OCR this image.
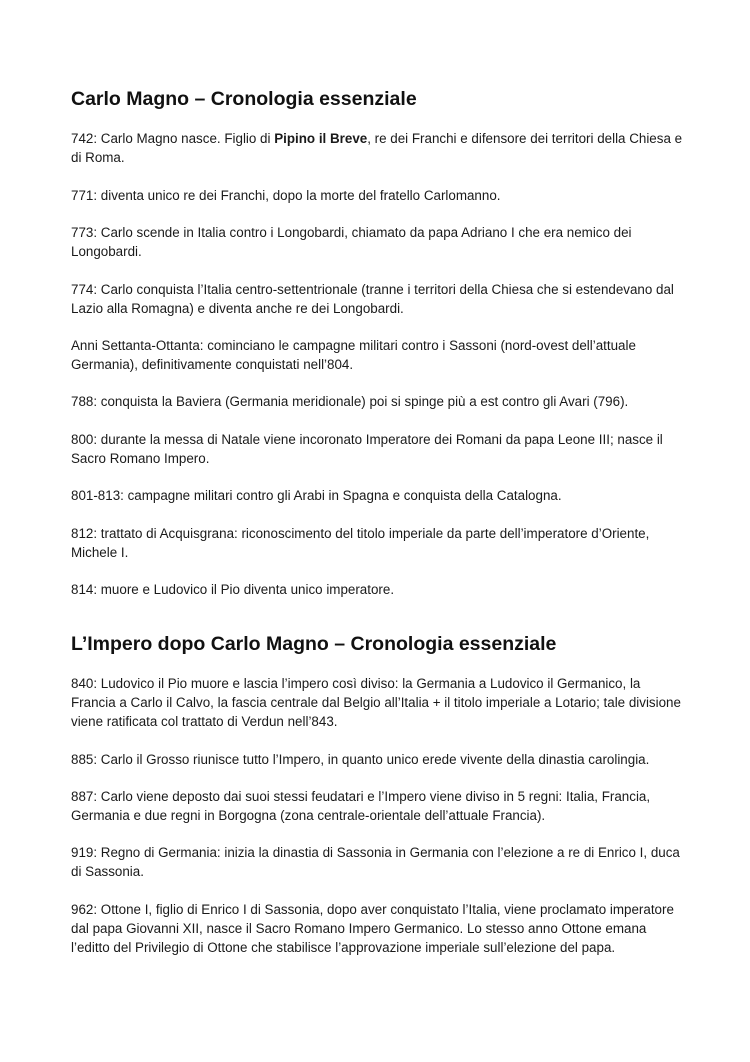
Carlo Magno – Cronologia essenziale

742: Carlo Magno nasce. Figlio di Pipino il Breve, re dei Franchi e difensore dei territori della Chiesa e di Roma.

771: diventa unico re dei Franchi, dopo la morte del fratello Carlomanno.

773: Carlo scende in Italia contro i Longobardi, chiamato da papa Adriano I che era nemico dei Longobardi.

774: Carlo conquista l’Italia centro-settentrionale (tranne i territori della Chiesa che si estendevano dal Lazio alla Romagna) e diventa anche re dei Longobardi.

Anni Settanta-Ottanta: cominciano le campagne militari contro i Sassoni (nord-ovest dell’attuale Germania), definitivamente conquistati nell’804.

788: conquista la Baviera (Germania meridionale) poi si spinge più a est contro gli Avari (796).

800: durante la messa di Natale viene incoronato Imperatore dei Romani da papa Leone III; nasce il Sacro Romano Impero.

801-813: campagne militari contro gli Arabi in Spagna e conquista della Catalogna.

812: trattato di Acquisgrana: riconoscimento del titolo imperiale da parte dell’imperatore d’Oriente, Michele I.

814: muore e Ludovico il Pio diventa unico imperatore.

L’Impero dopo Carlo Magno – Cronologia essenziale

840: Ludovico il Pio muore e lascia l’impero così diviso: la Germania a Ludovico il Germanico, la Francia a Carlo il Calvo, la fascia centrale dal Belgio all’Italia + il titolo imperiale a Lotario; tale divisione viene ratificata col trattato di Verdun nell’843.

885: Carlo il Grosso riunisce tutto l’Impero, in quanto unico erede vivente della dinastia carolingia.

887: Carlo viene deposto dai suoi stessi feudatari e l’Impero viene diviso in 5 regni: Italia, Francia, Germania e due regni in Borgogna (zona centrale-orientale dell’attuale Francia).

919: Regno di Germania: inizia la dinastia di Sassonia in Germania con l’elezione a re di Enrico I, duca di Sassonia.

962: Ottone I, figlio di Enrico I di Sassonia, dopo aver conquistato l’Italia, viene proclamato imperatore dal papa Giovanni XII, nasce il Sacro Romano Impero Germanico. Lo stesso anno Ottone emana l’editto del Privilegio di Ottone che stabilisce l’approvazione imperiale sull’elezione del papa.
